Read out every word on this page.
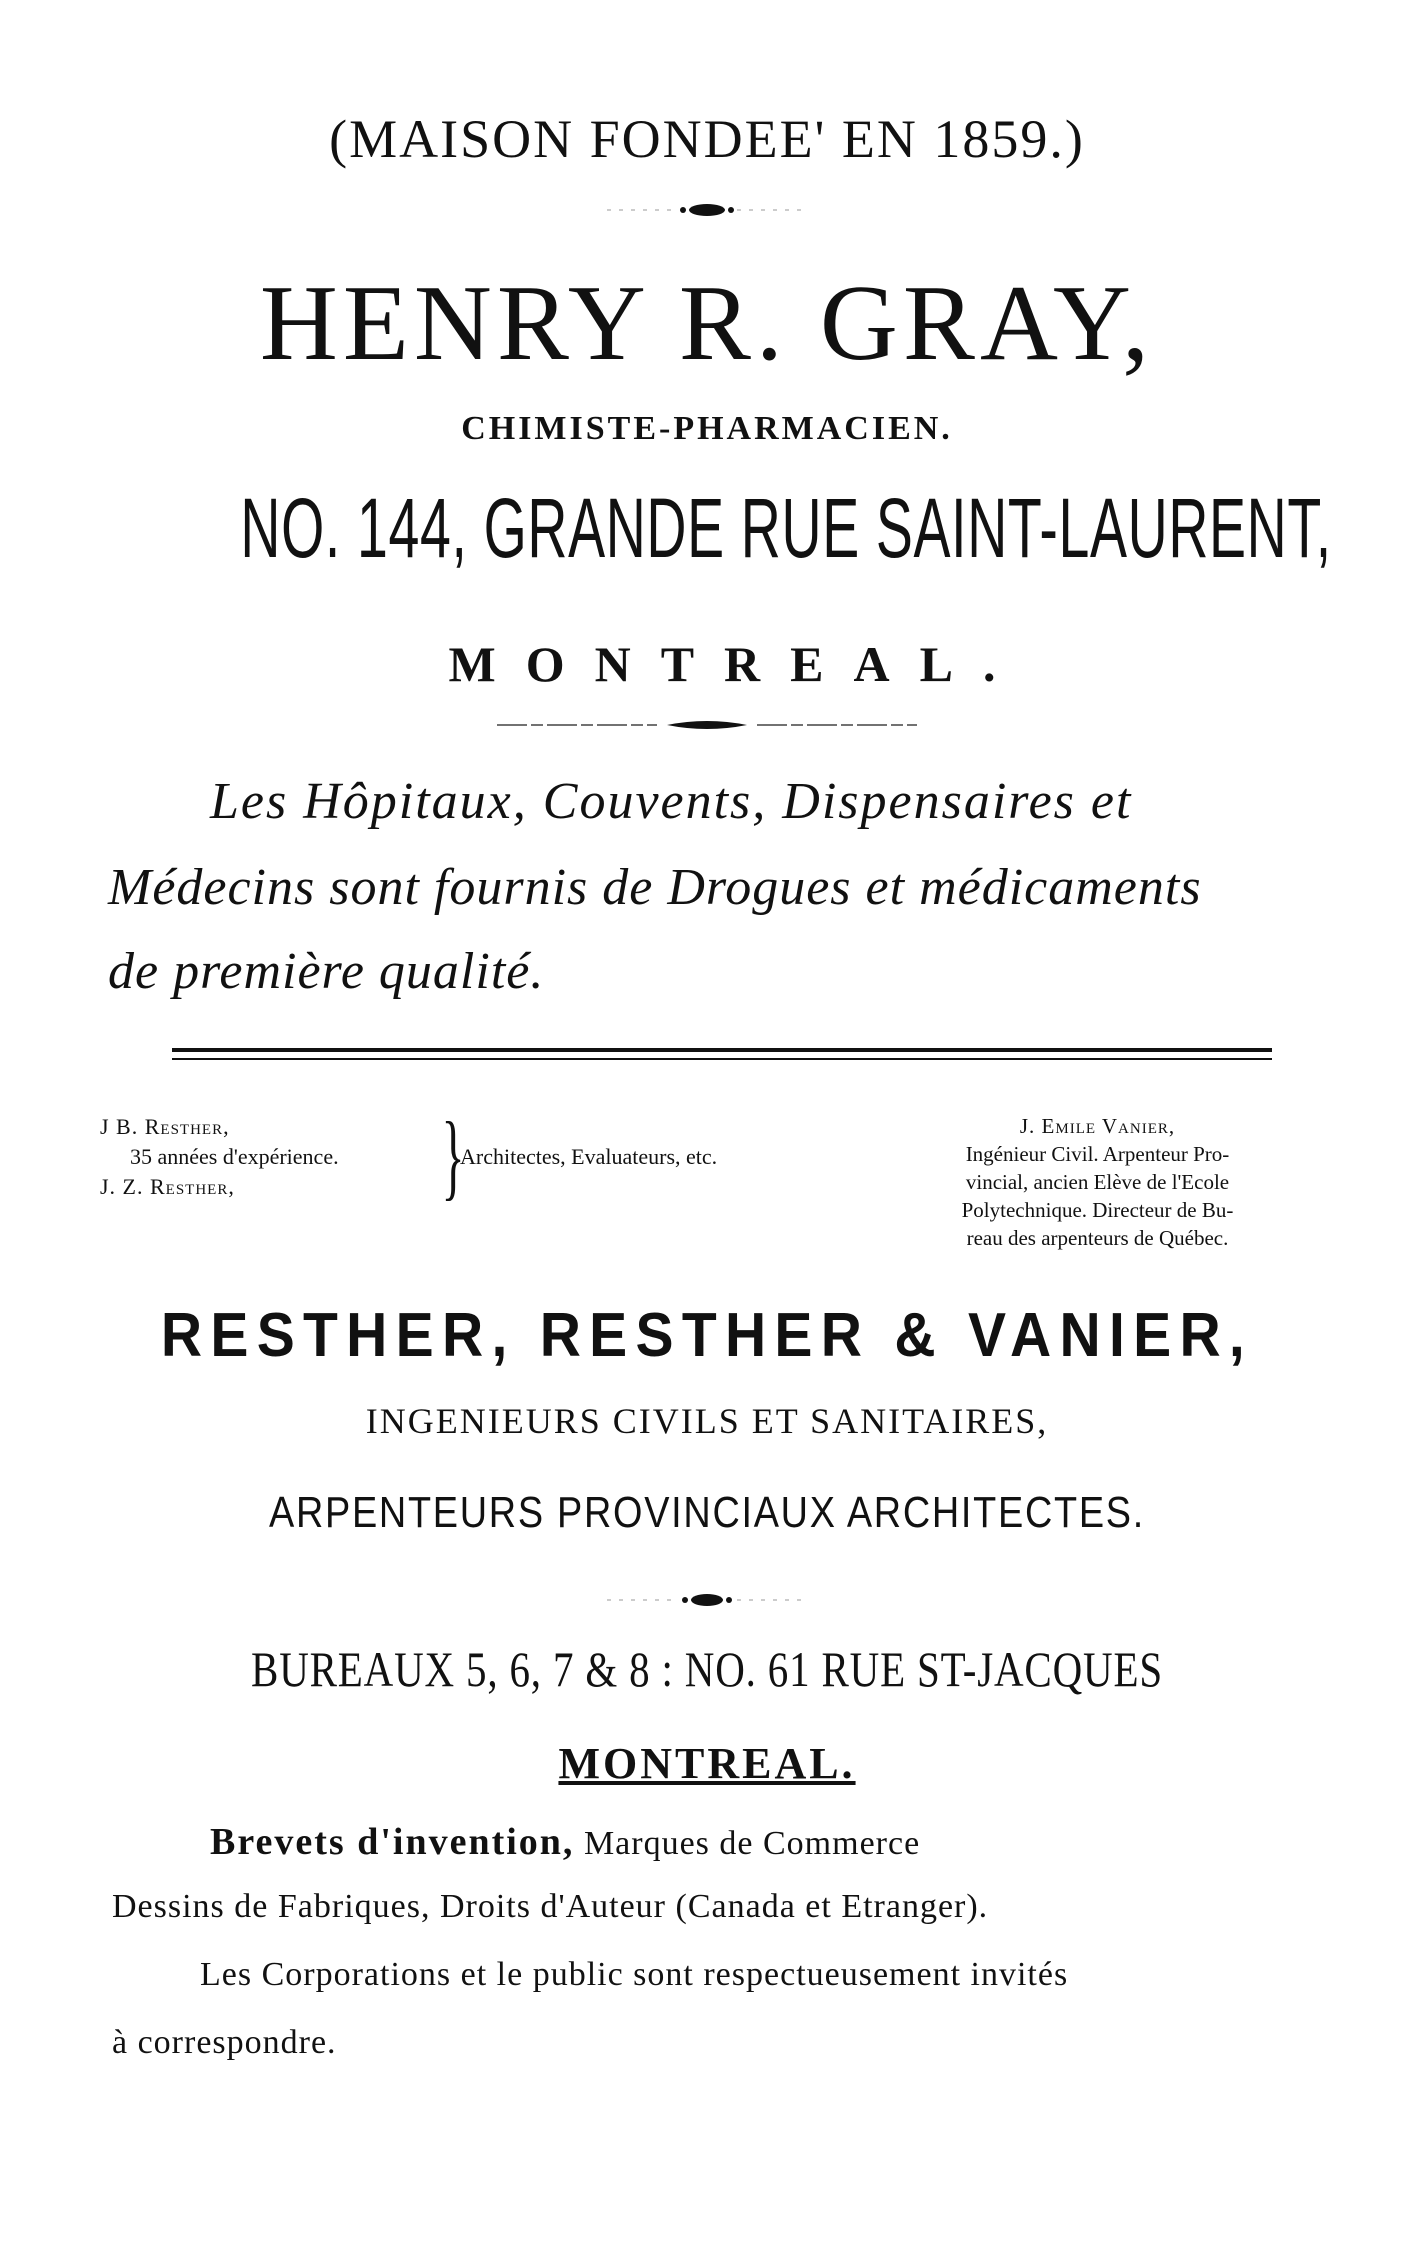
(MAISON FONDEE' EN 1859.)
HENRY R. GRAY,
CHIMISTE-PHARMACIEN.
NO. 144, GRANDE RUE SAINT-LAURENT,
MONTREAL.
Les Hôpitaux, Couvents, Dispensaires et
Médecins sont fournis de Drogues et médicaments
de première qualité.
J B. Resther,
35 années d'expérience.
J. Z. Resther,	}
Architectes, Evaluateurs, etc.
J. Emile Vanier,
Ingénieur Civil. Arpenteur Pro-
vincial, ancien Elève de l'Ecole
Polytechnique. Directeur de Bu-
reau des arpenteurs de Québec.
RESTHER, RESTHER & VANIER,
INGENIEURS CIVILS ET SANITAIRES,
ARPENTEURS PROVINCIAUX ARCHITECTES.
BUREAUX 5, 6, 7 & 8 : NO. 61 RUE ST-JACQUES
MONTREAL.
Brevets d'invention, Marques de Commerce
Dessins de Fabriques, Droits d'Auteur (Canada et Etranger).
Les Corporations et le public sont respectueusement invités
à correspondre.
